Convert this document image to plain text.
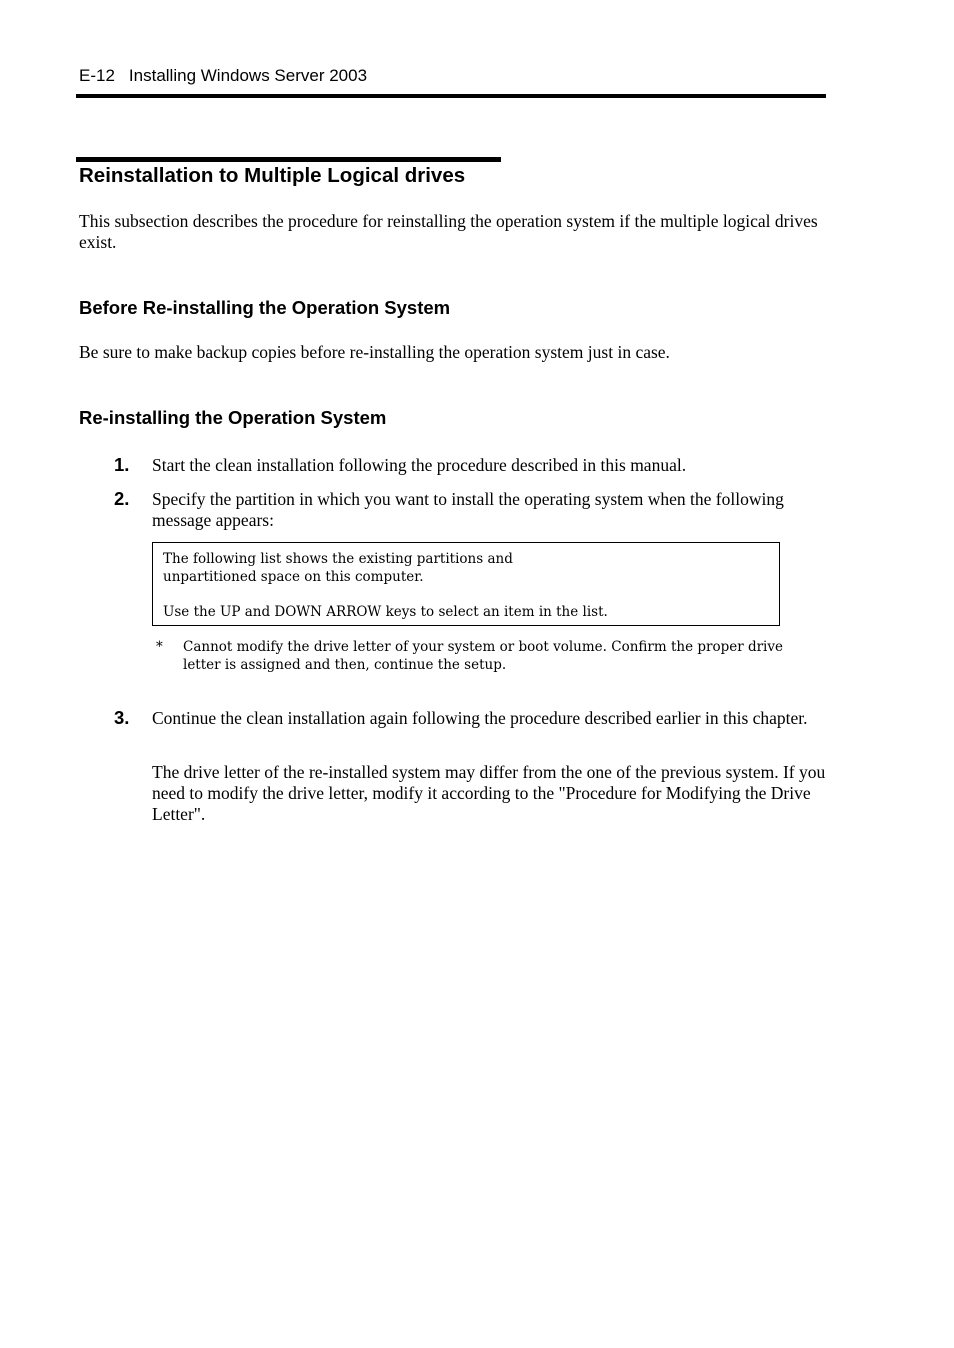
E-12 Installing Windows Server 2003
Reinstallation to Multiple Logical drives
This subsection describes the procedure for reinstalling the operation system if the multiple logical drives exist.
Before Re-installing the Operation System
Be sure to make backup copies before re-installing the operation system just in case.
Re-installing the Operation System
1. Start the clean installation following the procedure described in this manual.
2. Specify the partition in which you want to install the operating system when the following message appears:
The following list shows the existing partitions and
unpartitioned space on this computer.
Use the UP and DOWN ARROW keys to select an item in the list.
* Cannot modify the drive letter of your system or boot volume. Confirm the proper drive letter is assigned and then, continue the setup.
3. Continue the clean installation again following the procedure described earlier in this chapter.
The drive letter of the re-installed system may differ from the one of the previous system. If you need to modify the drive letter, modify it according to the "Procedure for Modifying the Drive Letter".
